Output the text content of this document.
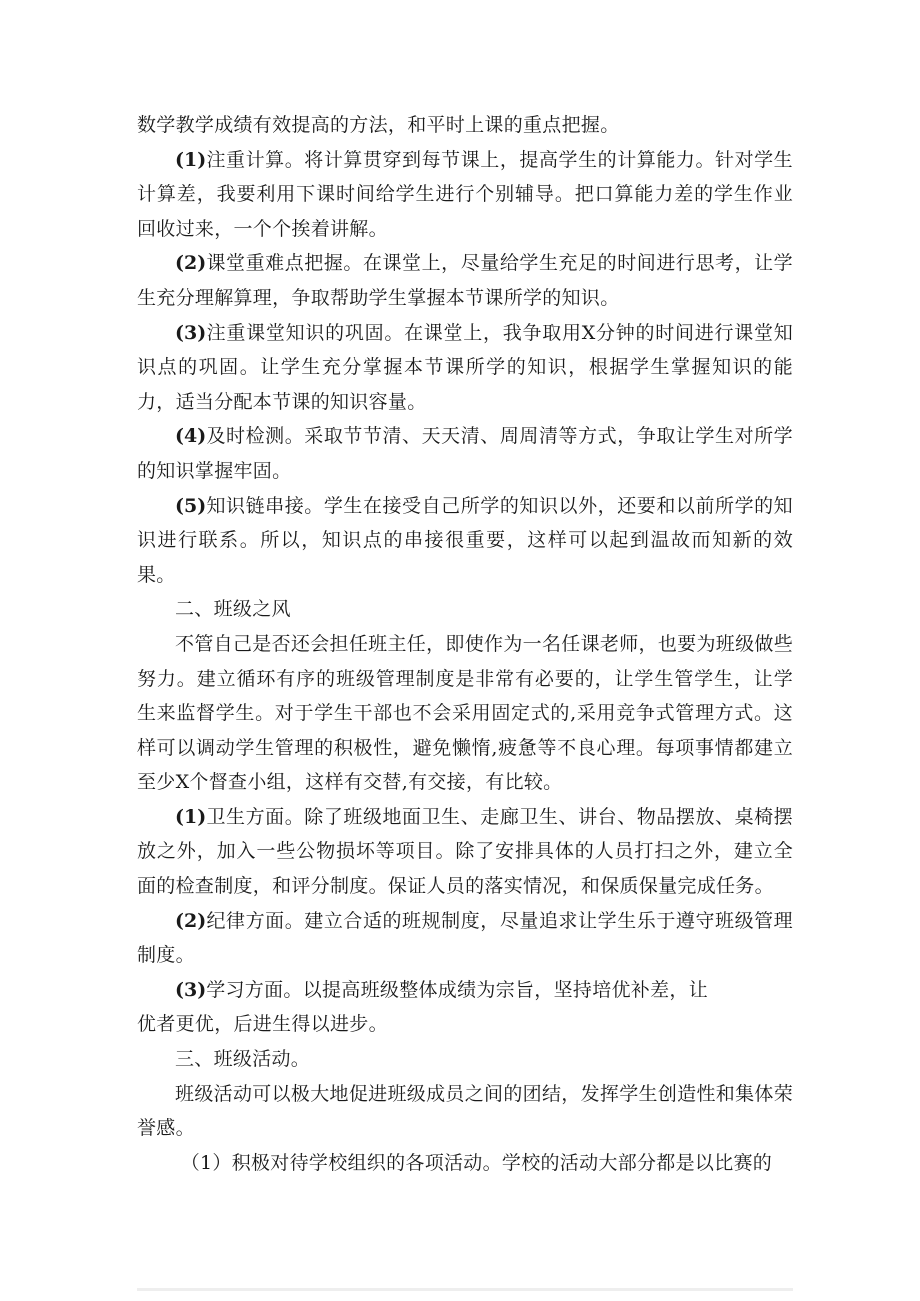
数学教学成绩有效提高的方法，和平时上课的重点把握。

(1)注重计算。将计算贯穿到每节课上，提高学生的计算能力。针对学生计算差，我要利用下课时间给学生进行个别辅导。把口算能力差的学生作业回收过来，一个个挨着讲解。

(2)课堂重难点把握。在课堂上，尽量给学生充足的时间进行思考，让学生充分理解算理，争取帮助学生掌握本节课所学的知识。

(3)注重课堂知识的巩固。在课堂上，我争取用X分钟的时间进行课堂知识点的巩固。让学生充分掌握本节课所学的知识，根据学生掌握知识的能力，适当分配本节课的知识容量。

(4)及时检测。采取节节清、天天清、周周清等方式，争取让学生对所学的知识掌握牢固。

(5)知识链串接。学生在接受自己所学的知识以外，还要和以前所学的知识进行联系。所以，知识点的串接很重要，这样可以起到温故而知新的效果。

二、班级之风

不管自己是否还会担任班主任，即使作为一名任课老师，也要为班级做些努力。建立循环有序的班级管理制度是非常有必要的，让学生管学生，让学生来监督学生。对于学生干部也不会采用固定式的,采用竞争式管理方式。这样可以调动学生管理的积极性，避免懒惰,疲惫等不良心理。每项事情都建立至少X个督查小组，这样有交替,有交接，有比较。

(1)卫生方面。除了班级地面卫生、走廊卫生、讲台、物品摆放、桌椅摆放之外，加入一些公物损坏等项目。除了安排具体的人员打扫之外，建立全面的检查制度，和评分制度。保证人员的落实情况，和保质保量完成任务。

(2)纪律方面。建立合适的班规制度，尽量追求让学生乐于遵守班级管理制度。

(3)学习方面。以提高班级整体成绩为宗旨，坚持培优补差，让

优者更优，后进生得以进步。

三、班级活动。

班级活动可以极大地促进班级成员之间的团结，发挥学生创造性和集体荣誉感。

（1）积极对待学校组织的各项活动。学校的活动大部分都是以比赛的
